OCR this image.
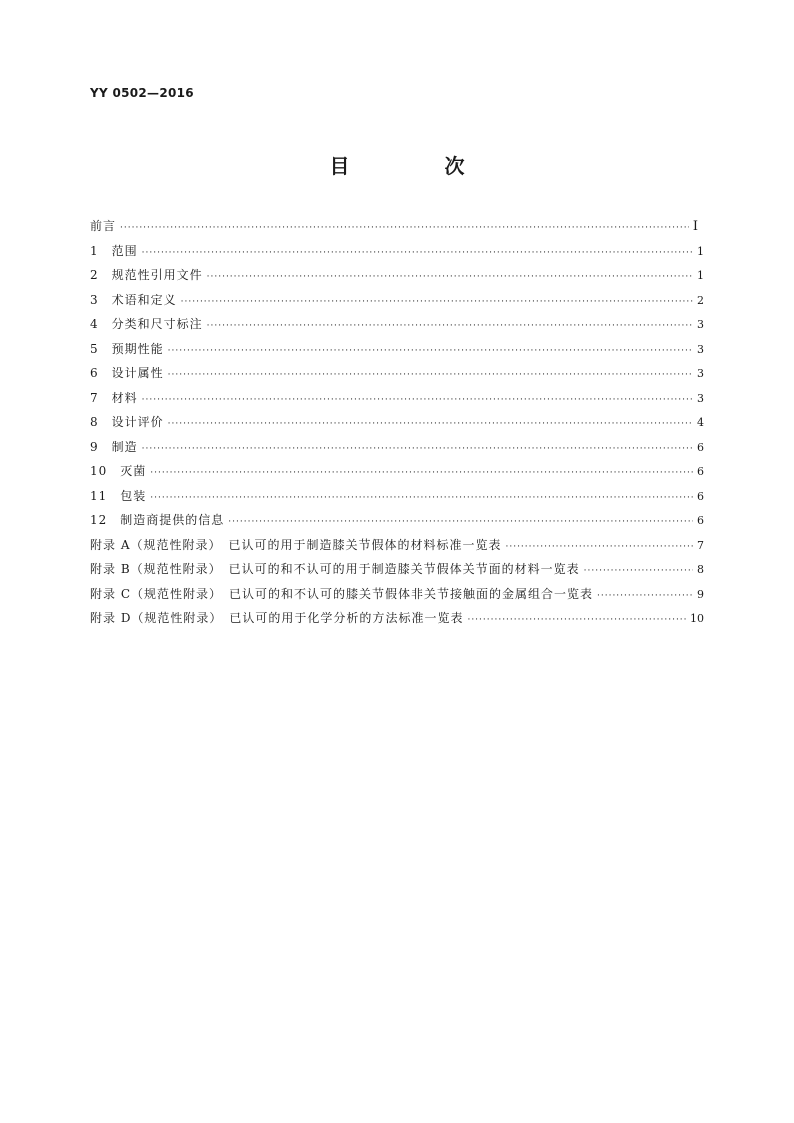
YY 0502—2016
目 次
前言 ·····	Ⅰ
1　范围 ·····	1
2　规范性引用文件 ·····	1
3　术语和定义 ·····	2
4　分类和尺寸标注 ·····	3
5　预期性能 ·····	3
6　设计属性 ·····	3
7　材料 ·····	3
8　设计评价 ·····	4
9　制造 ·····	6
10　灭菌 ·····	6
11　包装 ·····	6
12　制造商提供的信息 ·····	6
附录 A（规范性附录）　已认可的用于制造膝关节假体的材料标准一览表 ·····	7
附录 B（规范性附录）　已认可的和不认可的用于制造膝关节假体关节面的材料一览表 ·····	8
附录 C（规范性附录）　已认可的和不认可的膝关节假体非关节接触面的金属组合一览表 ·····	9
附录 D（规范性附录）　已认可的用于化学分析的方法标准一览表 ·····	10
